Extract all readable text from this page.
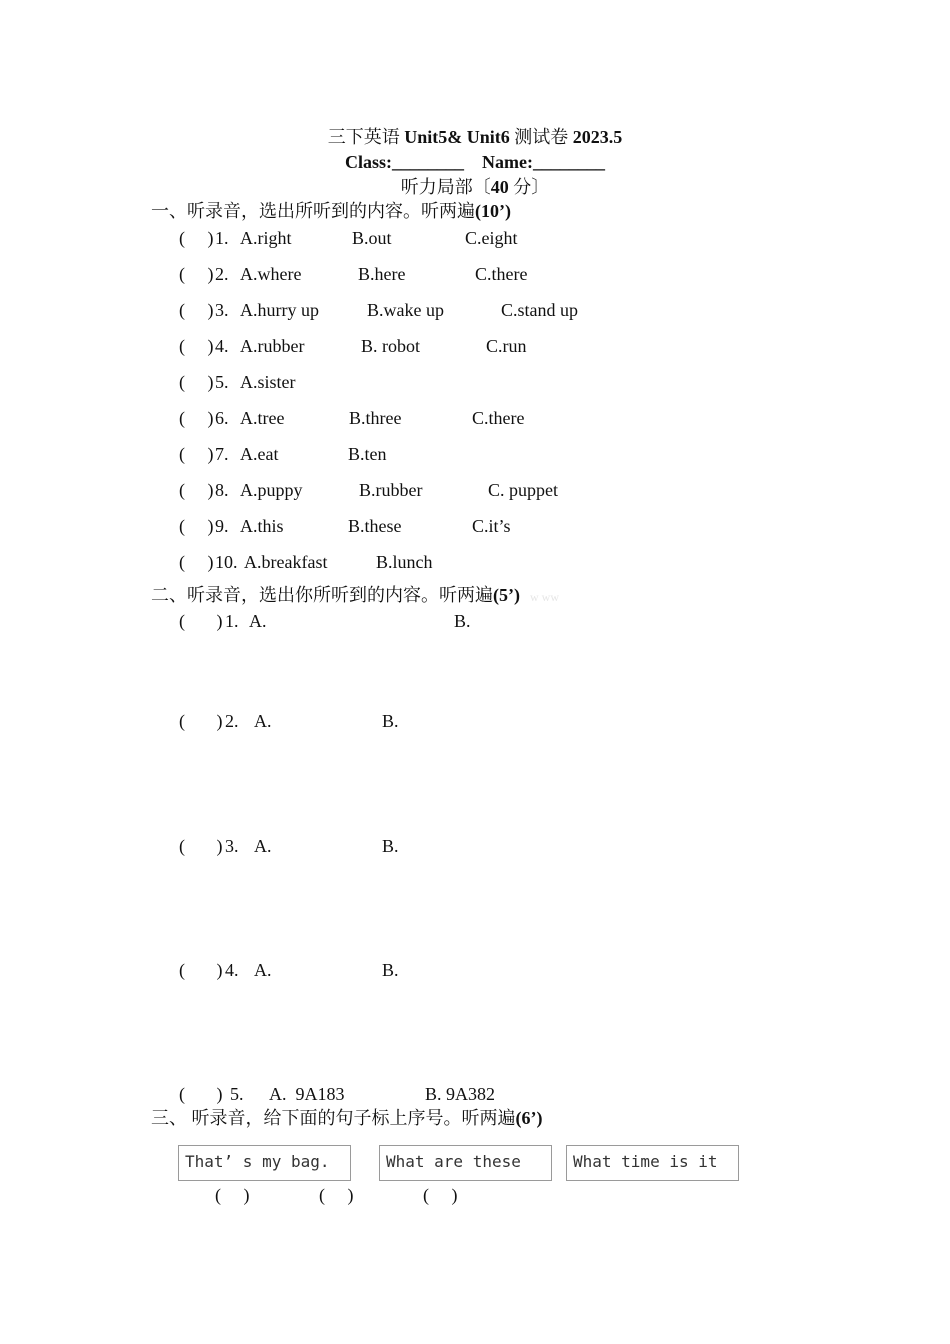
三下英语 Unit5& Unit6 测试卷 2023.5
Class:________ Name:________
听力局部〔40 分〕
一、听录音，选出所听到的内容。听两遍(10’)
(     ) 1. A.right	B.out	C.eight
(     ) 2. A.where	B.here	C.there
(     ) 3. A.hurry up	B.wake up	C.stand up
(     ) 4. A.rubber	B. robot	C.run
(     ) 5. A.sister
(     ) 6. A.tree	B.three	C.there
(     ) 7. A.eat	B.ten
(     ) 8. A.puppy	B.rubber	C. puppet
(     ) 9. A.this	B.these	C.it’s
(     ) 10. A.breakfast	B.lunch
二、听录音，选出你所听到的内容。听两遍(5’) w ww
(       ) 1. A.	B.
(       ) 2. A.	B.
(       ) 3. A.	B.
(       ) 4. A.	B.
(       ) 5. A.  9A183	B. 9A382
三、 听录音，给下面的句子标上序号。听两遍(6’)
That’ s my bag.	What are these	What time is it
(     )	(     )	(     )
